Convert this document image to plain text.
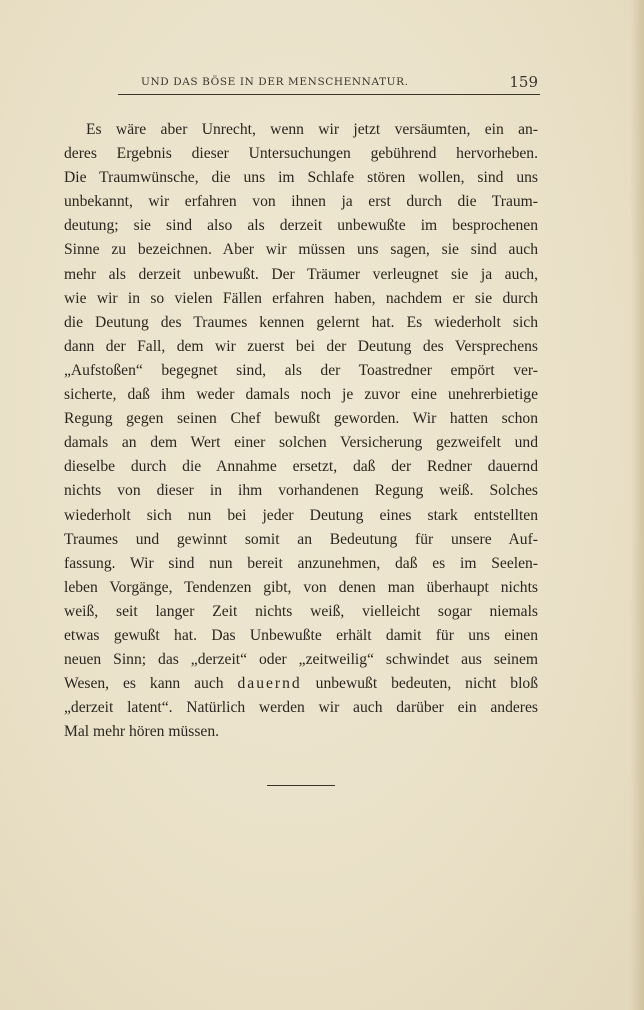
UND DAS BÖSE IN DER MENSCHENNATUR.	159
Es wäre aber Unrecht, wenn wir jetzt versäumten, ein an-
deres Ergebnis dieser Untersuchungen gebührend hervorheben.
Die Traumwünsche, die uns im Schlafe stören wollen, sind uns
unbekannt, wir erfahren von ihnen ja erst durch die Traum-
deutung; sie sind also als derzeit unbewußte im besprochenen
Sinne zu bezeichnen. Aber wir müssen uns sagen, sie sind auch
mehr als derzeit unbewußt. Der Träumer verleugnet sie ja auch,
wie wir in so vielen Fällen erfahren haben, nachdem er sie durch
die Deutung des Traumes kennen gelernt hat. Es wiederholt sich
dann der Fall, dem wir zuerst bei der Deutung des Versprechens
„Aufstoßen“ begegnet sind, als der Toastredner empört ver-
sicherte, daß ihm weder damals noch je zuvor eine unehrerbietige
Regung gegen seinen Chef bewußt geworden. Wir hatten schon
damals an dem Wert einer solchen Versicherung gezweifelt und
dieselbe durch die Annahme ersetzt, daß der Redner dauernd
nichts von dieser in ihm vorhandenen Regung weiß. Solches
wiederholt sich nun bei jeder Deutung eines stark entstellten
Traumes und gewinnt somit an Bedeutung für unsere Auf-
fassung. Wir sind nun bereit anzunehmen, daß es im Seelen-
leben Vorgänge, Tendenzen gibt, von denen man überhaupt nichts
weiß, seit langer Zeit nichts weiß, vielleicht sogar niemals
etwas gewußt hat. Das Unbewußte erhält damit für uns einen
neuen Sinn; das „derzeit“ oder „zeitweilig“ schwindet aus seinem
Wesen, es kann auch dauernd unbewußt bedeuten, nicht bloß
„derzeit latent“. Natürlich werden wir auch darüber ein anderes
Mal mehr hören müssen.
